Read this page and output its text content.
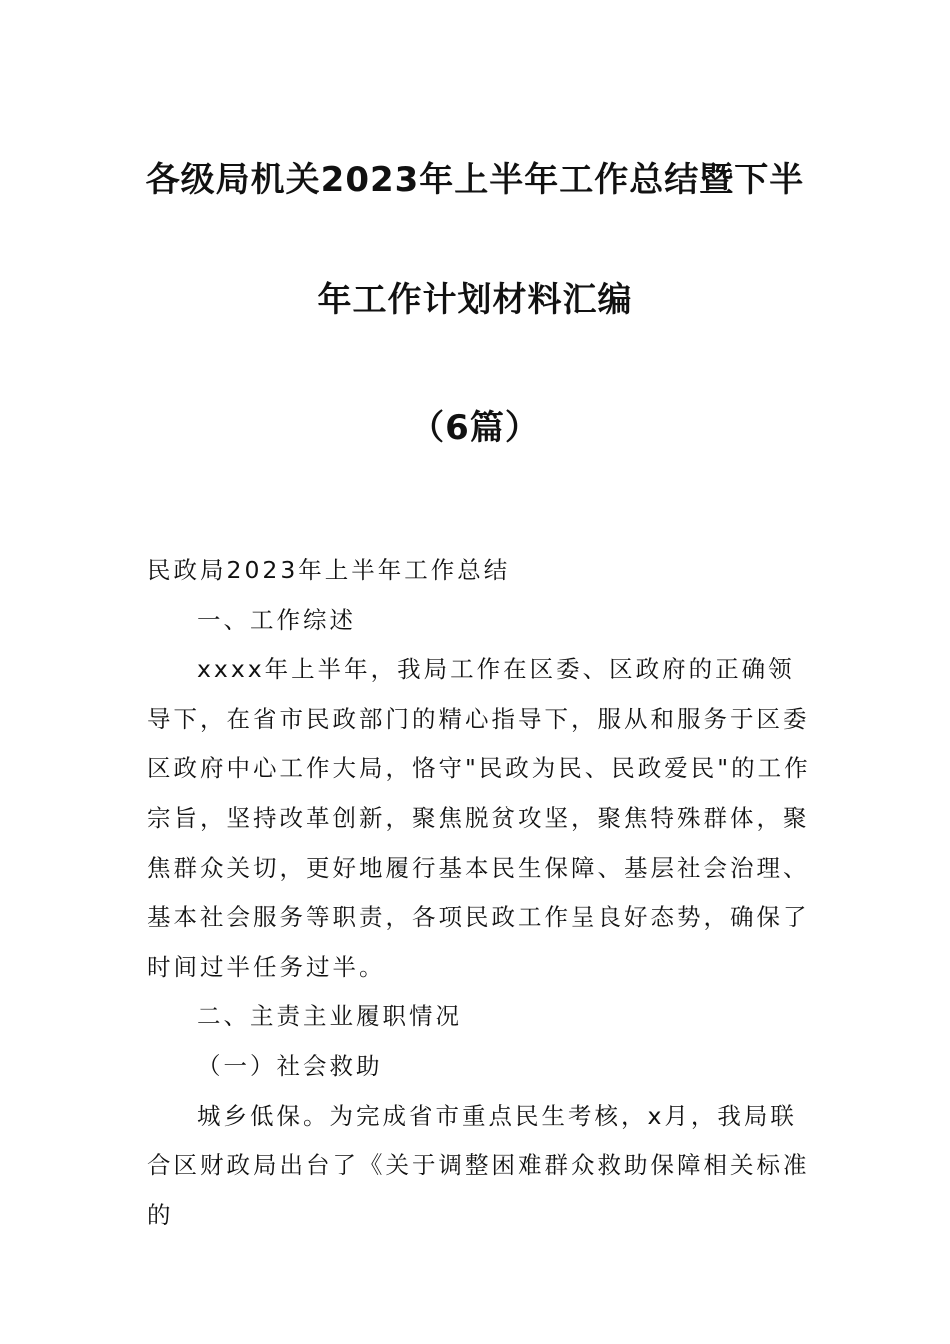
各级局机关2023年上半年工作总结暨下半
年工作计划材料汇编
（6篇）

民政局2023年上半年工作总结

一、工作综述

xxxx年上半年，我局工作在区委、区政府的正确领导下，在省市民政部门的精心指导下，服从和服务于区委区政府中心工作大局，恪守"民政为民、民政爱民"的工作宗旨，坚持改革创新，聚焦脱贫攻坚，聚焦特殊群体，聚焦群众关切，更好地履行基本民生保障、基层社会治理、基本社会服务等职责，各项民政工作呈良好态势，确保了时间过半任务过半。

二、主责主业履职情况

（一）社会救助

城乡低保。为完成省市重点民生考核，x月，我局联合区财政局出台了《关于调整困难群众救助保障相关标准的
